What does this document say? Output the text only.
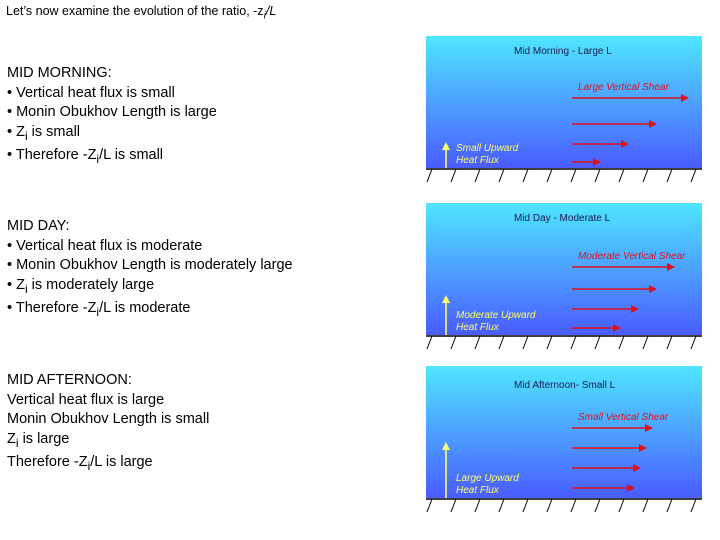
Let’s now examine the evolution of the ratio, $-z_i/L$
MID MORNING:
• Vertical heat flux is small
• Monin Obukhov Length is large
• $Z_i$ is small
• Therefore $-Z_i/L$ is small
MID DAY:
• Vertical heat flux is moderate
• Monin Obukhov Length is moderately large
• $Z_i$ is moderately large
• Therefore $-Z_i/L$ is moderate
MID AFTERNOON:
Vertical heat flux is large
Monin Obukhov Length is small
$Z_i$ is large
Therefore $-Z_i/L$ is large
Mid Morning - Large L
Large Vertical Shear
Small Upward
Heat Flux
Mid Day - Moderate L
Moderate Vertical Shear
Moderate Upward
Heat Flux
Mid Afternoon- Small L
Small Vertical Shear
Large Upward
Heat Flux
